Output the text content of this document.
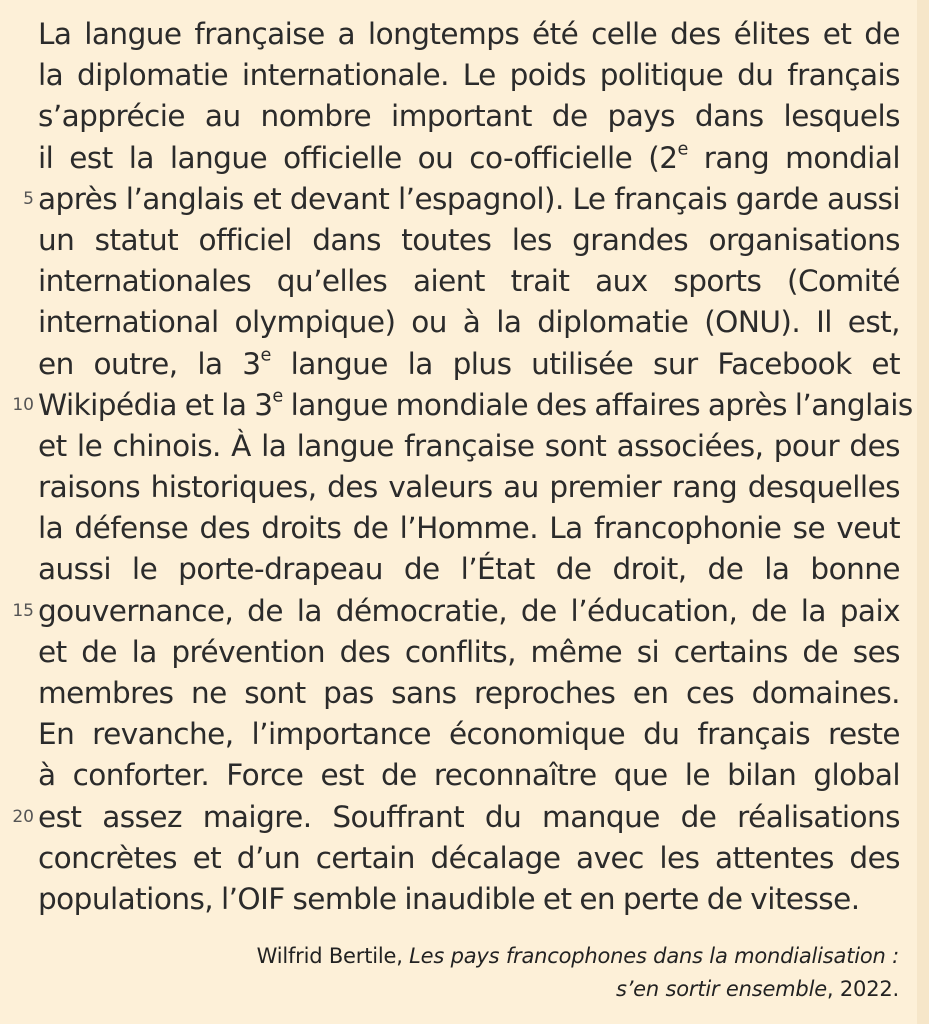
La langue française a longtemps été celle des élites et de
la diplomatie internationale. Le poids politique du français
s’apprécie au nombre important de pays dans lesquels
il est la langue officielle ou co-officielle (2e rang mondial
5 après l’anglais et devant l’espagnol). Le français garde aussi
un statut officiel dans toutes les grandes organisations
internationales qu’elles aient trait aux sports (Comité
international olympique) ou à la diplomatie (ONU). Il est,
en outre, la 3e langue la plus utilisée sur Facebook et
10 Wikipédia et la 3e langue mondiale des affaires après l’anglais
et le chinois. À la langue française sont associées, pour des
raisons historiques, des valeurs au premier rang desquelles
la défense des droits de l’Homme. La francophonie se veut
aussi le porte-drapeau de l’État de droit, de la bonne
15 gouvernance, de la démocratie, de l’éducation, de la paix
et de la prévention des conflits, même si certains de ses
membres ne sont pas sans reproches en ces domaines.
En revanche, l’importance économique du français reste
à conforter. Force est de reconnaître que le bilan global
20 est assez maigre. Souffrant du manque de réalisations
concrètes et d’un certain décalage avec les attentes des
populations, l’OIF semble inaudible et en perte de vitesse.
Wilfrid Bertile, Les pays francophones dans la mondialisation :
s’en sortir ensemble, 2022.
